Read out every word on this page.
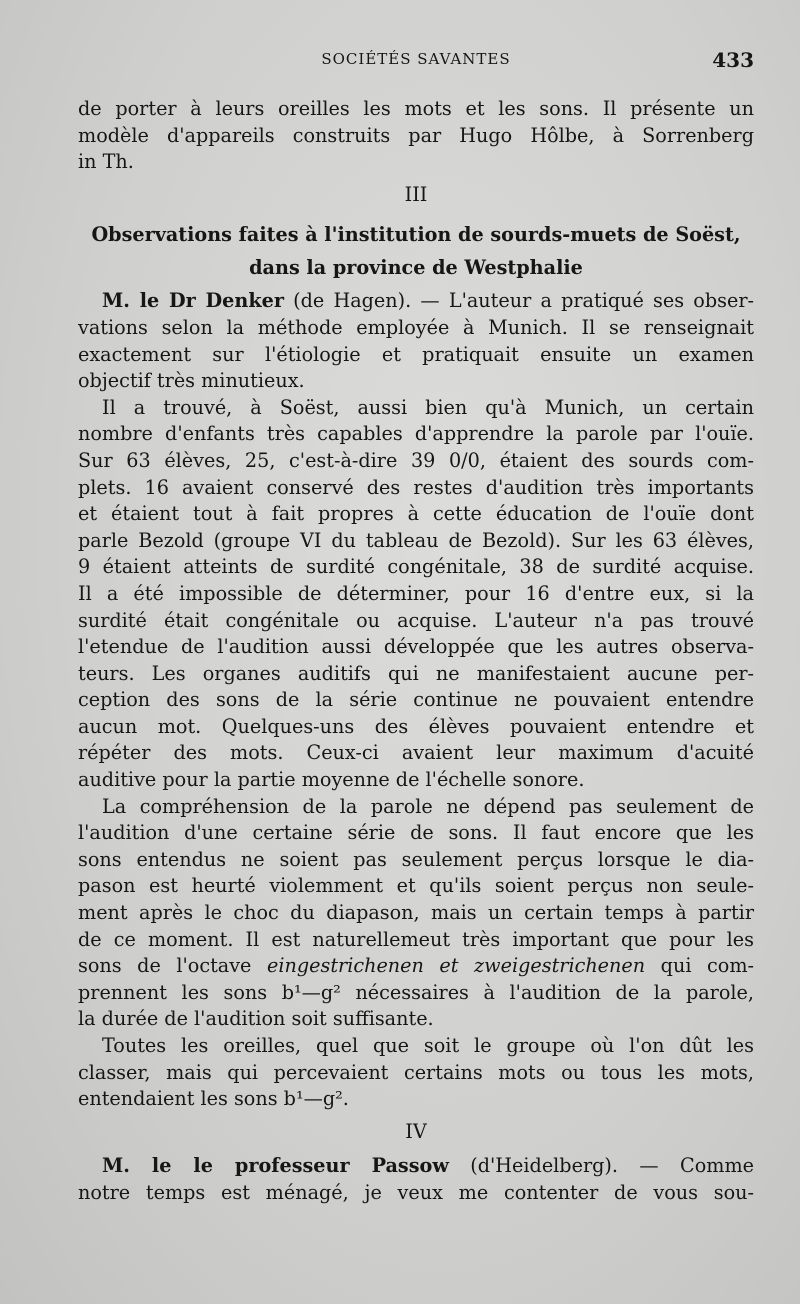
SOCIÉTÉS SAVANTES	433

de porter à leurs oreilles les mots et les sons. Il présente un

modèle d'appareils construits par Hugo Hôlbe, à Sorrenberg

in Th.

III
Observations faites à l'institution de sourds-muets de Soëst,
dans la province de Westphalie

M. le Dr Denker (de Hagen). — L'auteur a pratiqué ses obser-

vations selon la méthode employée à Munich. Il se renseignait

exactement sur l'étiologie et pratiquait ensuite un examen

objectif très minutieux.

Il a trouvé, à Soëst, aussi bien qu'à Munich, un certain

nombre d'enfants très capables d'apprendre la parole par l'ouïe.

Sur 63 élèves, 25, c'est-à-dire 39 0/0, étaient des sourds com-

plets. 16 avaient conservé des restes d'audition très importants

et étaient tout à fait propres à cette éducation de l'ouïe dont

parle Bezold (groupe VI du tableau de Bezold). Sur les 63 élèves,

9 étaient atteints de surdité congénitale, 38 de surdité acquise.

Il a été impossible de déterminer, pour 16 d'entre eux, si la

surdité était congénitale ou acquise. L'auteur n'a pas trouvé

l'etendue de l'audition aussi développée que les autres observa-

teurs. Les organes auditifs qui ne manifestaient aucune per-

ception des sons de la série continue ne pouvaient entendre

aucun mot. Quelques-uns des élèves pouvaient entendre et

répéter des mots. Ceux-ci avaient leur maximum d'acuité

auditive pour la partie moyenne de l'échelle sonore.

La compréhension de la parole ne dépend pas seulement de

l'audition d'une certaine série de sons. Il faut encore que les

sons entendus ne soient pas seulement perçus lorsque le dia-

pason est heurté violemment et qu'ils soient perçus non seule-

ment après le choc du diapason, mais un certain temps à partir

de ce moment. Il est naturellemeut très important que pour les

sons de l'octave eingestrichenen et zweigestrichenen qui com-

prennent les sons b¹—g² nécessaires à l'audition de la parole,

la durée de l'audition soit suffisante.

Toutes les oreilles, quel que soit le groupe où l'on dût les

classer, mais qui percevaient certains mots ou tous les mots,

entendaient les sons b¹—g².

IV

M. le le professeur Passow (d'Heidelberg). — Comme

notre temps est ménagé, je veux me contenter de vous sou-
